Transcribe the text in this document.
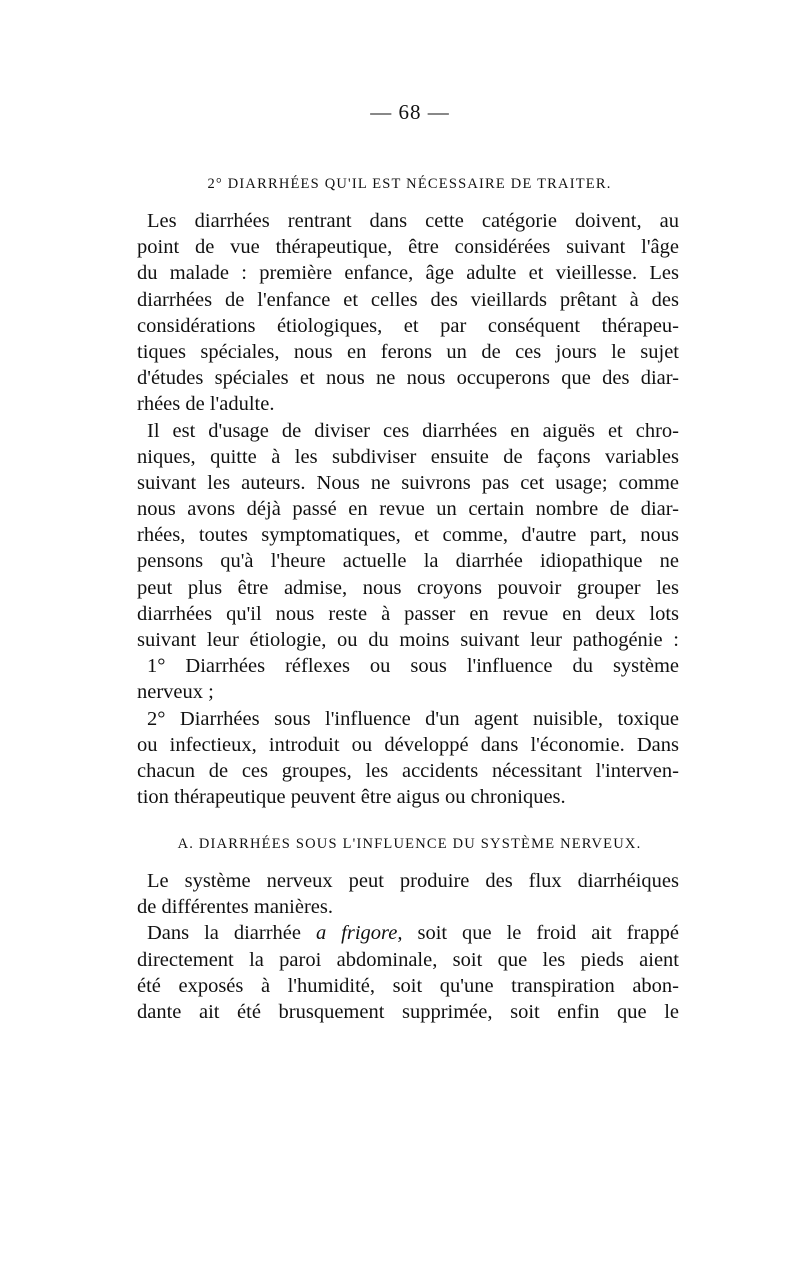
— 68 —
2° DIARRHÉES QU'IL EST NÉCESSAIRE DE TRAITER.
Les diarrhées rentrant dans cette catégorie doivent, au
point de vue thérapeutique, être considérées suivant l'âge
du malade : première enfance, âge adulte et vieillesse. Les
diarrhées de l'enfance et celles des vieillards prêtant à des
considérations étiologiques, et par conséquent thérapeu-
tiques spéciales, nous en ferons un de ces jours le sujet
d'études spéciales et nous ne nous occuperons que des diar-
rhées de l'adulte.
Il est d'usage de diviser ces diarrhées en aiguës et chro-
niques, quitte à les subdiviser ensuite de façons variables
suivant les auteurs. Nous ne suivrons pas cet usage; comme
nous avons déjà passé en revue un certain nombre de diar-
rhées, toutes symptomatiques, et comme, d'autre part, nous
pensons qu'à l'heure actuelle la diarrhée idiopathique ne
peut plus être admise, nous croyons pouvoir grouper les
diarrhées qu'il nous reste à passer en revue en deux lots
suivant leur étiologie, ou du moins suivant leur pathogénie :
1° Diarrhées réflexes ou sous l'influence du système
nerveux ;
2° Diarrhées sous l'influence d'un agent nuisible, toxique
ou infectieux, introduit ou développé dans l'économie. Dans
chacun de ces groupes, les accidents nécessitant l'interven-
tion thérapeutique peuvent être aigus ou chroniques.
A. DIARRHÉES SOUS L'INFLUENCE DU SYSTÈME NERVEUX.
Le système nerveux peut produire des flux diarrhéiques
de différentes manières.
Dans la diarrhée a frigore, soit que le froid ait frappé
directement la paroi abdominale, soit que les pieds aient
été exposés à l'humidité, soit qu'une transpiration abon-
dante ait été brusquement supprimée, soit enfin que le
